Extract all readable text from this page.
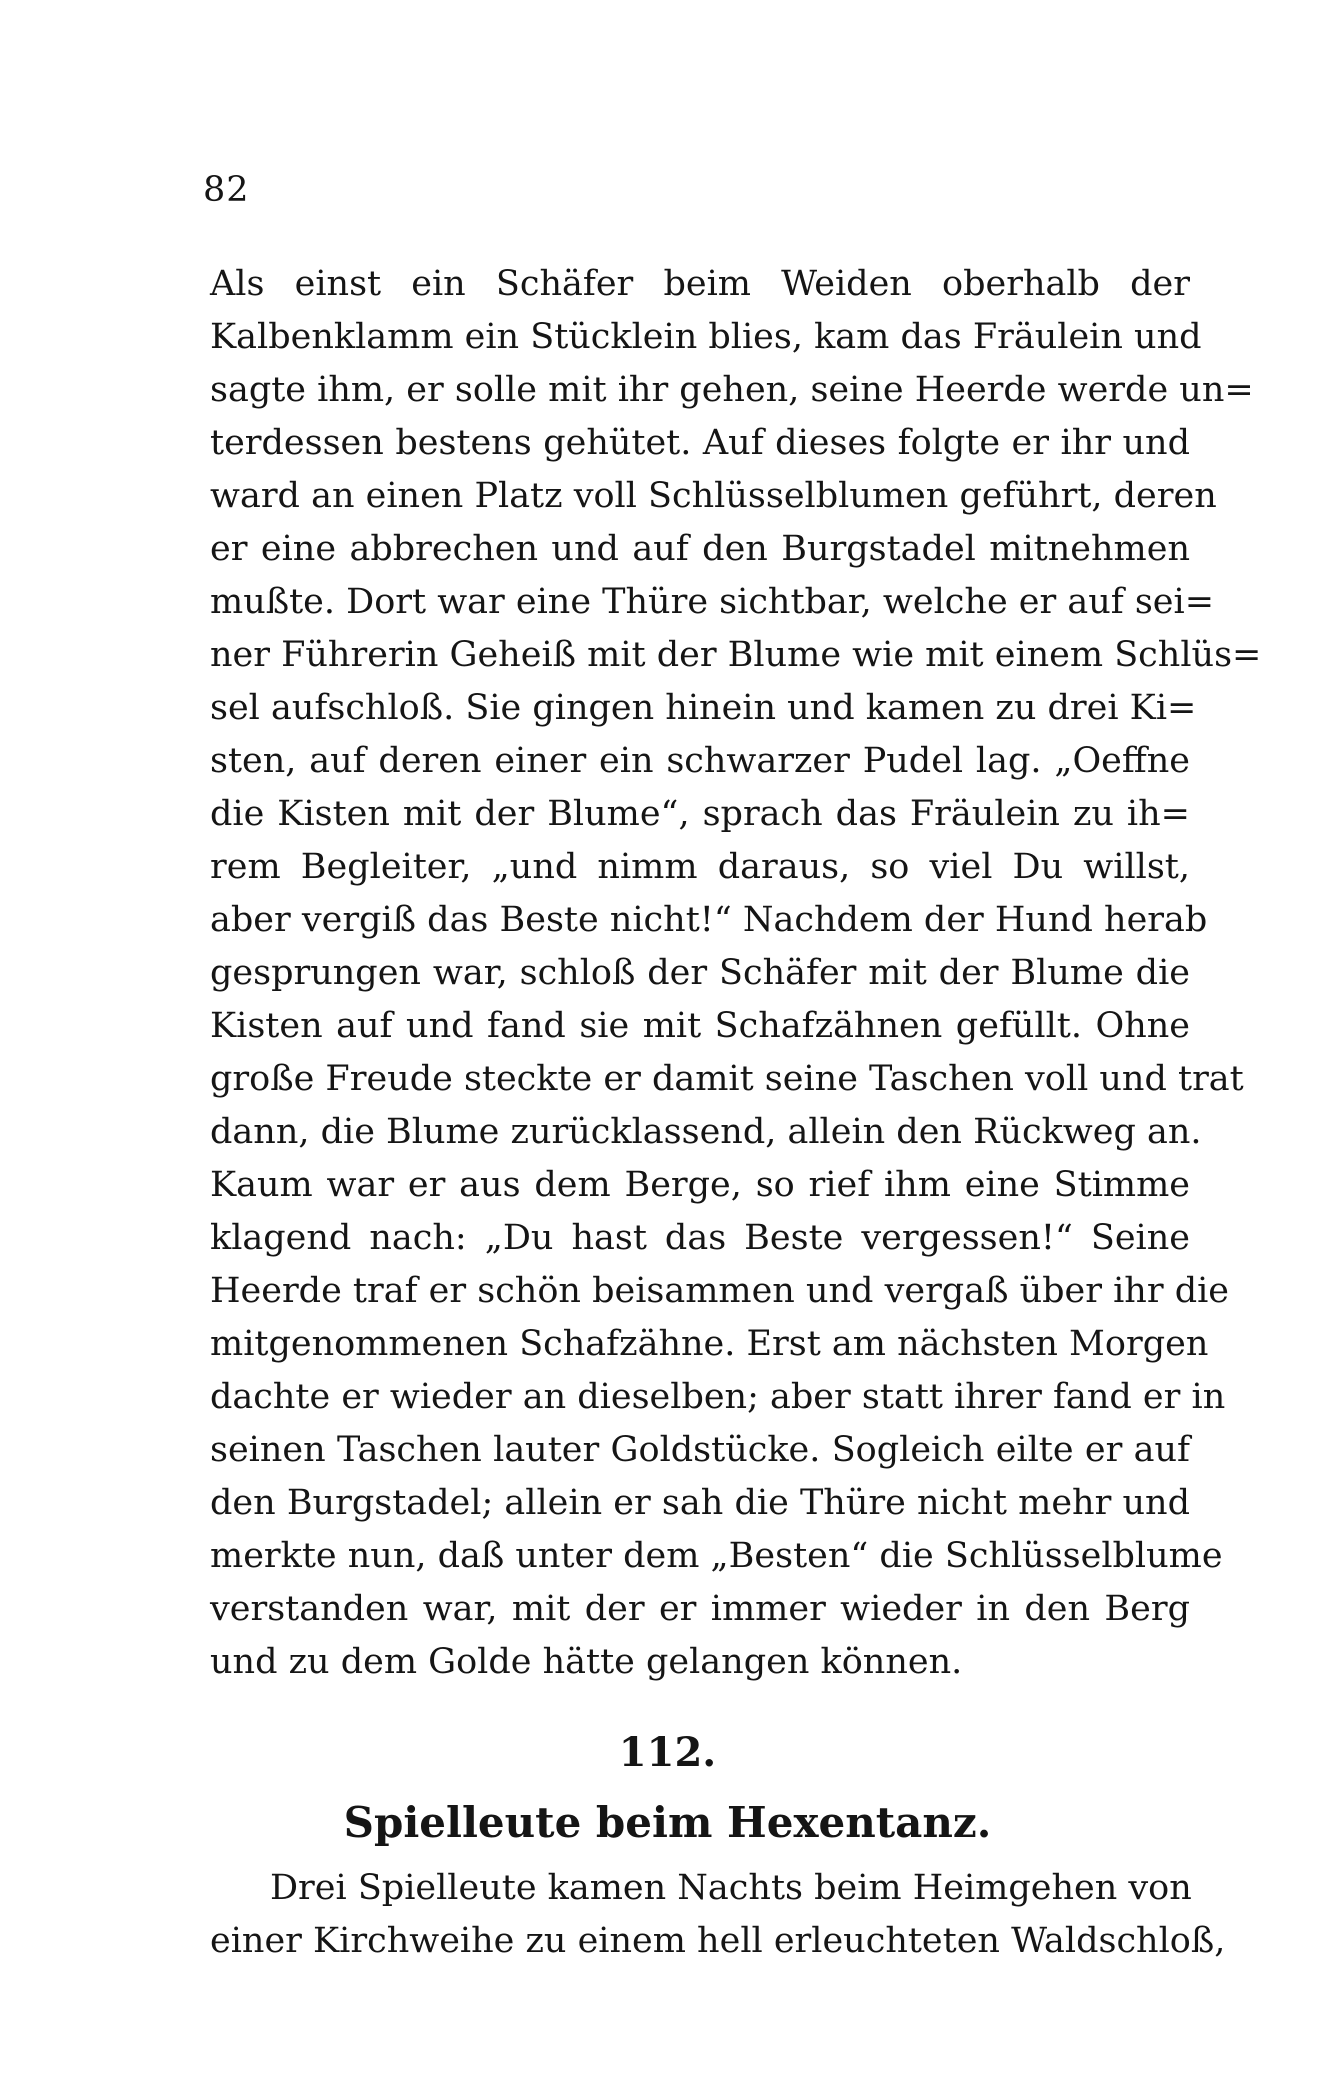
82
Als einst ein Schäfer beim Weiden oberhalb der
Kalbenklamm ein Stücklein blies, kam das Fräulein und
sagte ihm, er solle mit ihr gehen, seine Heerde werde un=
terdessen bestens gehütet. Auf dieses folgte er ihr und
ward an einen Platz voll Schlüsselblumen geführt, deren
er eine abbrechen und auf den Burgstadel mitnehmen
mußte. Dort war eine Thüre sichtbar, welche er auf sei=
ner Führerin Geheiß mit der Blume wie mit einem Schlüs=
sel aufschloß. Sie gingen hinein und kamen zu drei Ki=
sten, auf deren einer ein schwarzer Pudel lag. „Oeffne
die Kisten mit der Blume“, sprach das Fräulein zu ih=
rem Begleiter, „und nimm daraus, so viel Du willst,
aber vergiß das Beste nicht!“ Nachdem der Hund herab
gesprungen war, schloß der Schäfer mit der Blume die
Kisten auf und fand sie mit Schafzähnen gefüllt. Ohne
große Freude steckte er damit seine Taschen voll und trat
dann, die Blume zurücklassend, allein den Rückweg an.
Kaum war er aus dem Berge, so rief ihm eine Stimme
klagend nach: „Du hast das Beste vergessen!“ Seine
Heerde traf er schön beisammen und vergaß über ihr die
mitgenommenen Schafzähne. Erst am nächsten Morgen
dachte er wieder an dieselben; aber statt ihrer fand er in
seinen Taschen lauter Goldstücke. Sogleich eilte er auf
den Burgstadel; allein er sah die Thüre nicht mehr und
merkte nun, daß unter dem „Besten“ die Schlüsselblume
verstanden war, mit der er immer wieder in den Berg
und zu dem Golde hätte gelangen können.
112.
Spielleute beim Hexentanz.
Drei Spielleute kamen Nachts beim Heimgehen von
einer Kirchweihe zu einem hell erleuchteten Waldschloß,
